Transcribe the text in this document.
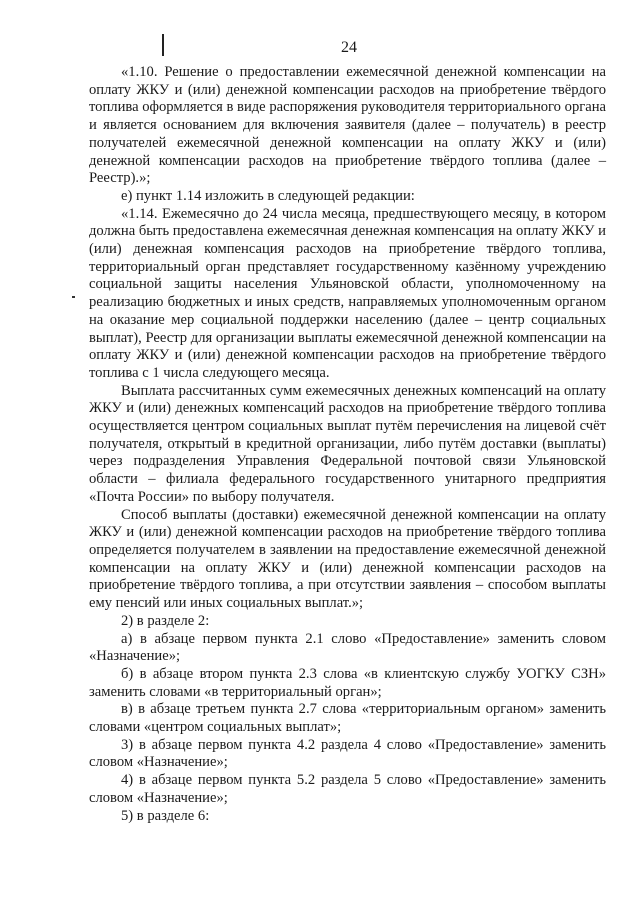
24

«1.10. Решение о предоставлении ежемесячной денежной компенсации на оплату ЖКУ и (или) денежной компенсации расходов на приобретение твёрдого топлива оформляется в виде распоряжения руководителя территориального органа и является основанием для включения заявителя (далее – получатель) в реестр получателей ежемесячной денежной компенсации на оплату ЖКУ и (или) денежной компенсации расходов на приобретение твёрдого топлива (далее – Реестр).»;

е) пункт 1.14 изложить в следующей редакции:

«1.14. Ежемесячно до 24 числа месяца, предшествующего месяцу, в котором должна быть предоставлена ежемесячная денежная компенсация на оплату ЖКУ и (или) денежная компенсация расходов на приобретение твёрдого топлива, территориальный орган представляет государственному казённому учреждению социальной защиты населения Ульяновской области, уполномоченному на реализацию бюджетных и иных средств, направляемых уполномоченным органом на оказание мер социальной поддержки населению (далее – центр социальных выплат), Реестр для организации выплаты ежемесячной денежной компенсации на оплату ЖКУ и (или) денежной компенсации расходов на приобретение твёрдого топлива с 1 числа следующего месяца.

Выплата рассчитанных сумм ежемесячных денежных компенсаций на оплату ЖКУ и (или) денежных компенсаций расходов на приобретение твёрдого топлива осуществляется центром социальных выплат путём перечисления на лицевой счёт получателя, открытый в кредитной организации, либо путём доставки (выплаты) через подразделения Управления Федеральной почтовой связи Ульяновской области – филиала федерального государственного унитарного предприятия «Почта России» по выбору получателя.

Способ выплаты (доставки) ежемесячной денежной компенсации на оплату ЖКУ и (или) денежной компенсации расходов на приобретение твёрдого топлива определяется получателем в заявлении на предоставление ежемесячной денежной компенсации на оплату ЖКУ и (или) денежной компенсации расходов на приобретение твёрдого топлива, а при отсутствии заявления – способом выплаты ему пенсий или иных социальных выплат.»;

2) в разделе 2:

а) в абзаце первом пункта 2.1 слово «Предоставление» заменить словом «Назначение»;

б) в абзаце втором пункта 2.3 слова «в клиентскую службу УОГКУ СЗН» заменить словами «в территориальный орган»;

в) в абзаце третьем пункта 2.7 слова «территориальным органом» заменить словами «центром социальных выплат»;

3) в абзаце первом пункта 4.2 раздела 4 слово «Предоставление» заменить словом «Назначение»;

4) в абзаце первом пункта 5.2 раздела 5 слово «Предоставление» заменить словом «Назначение»;

5) в разделе 6:
